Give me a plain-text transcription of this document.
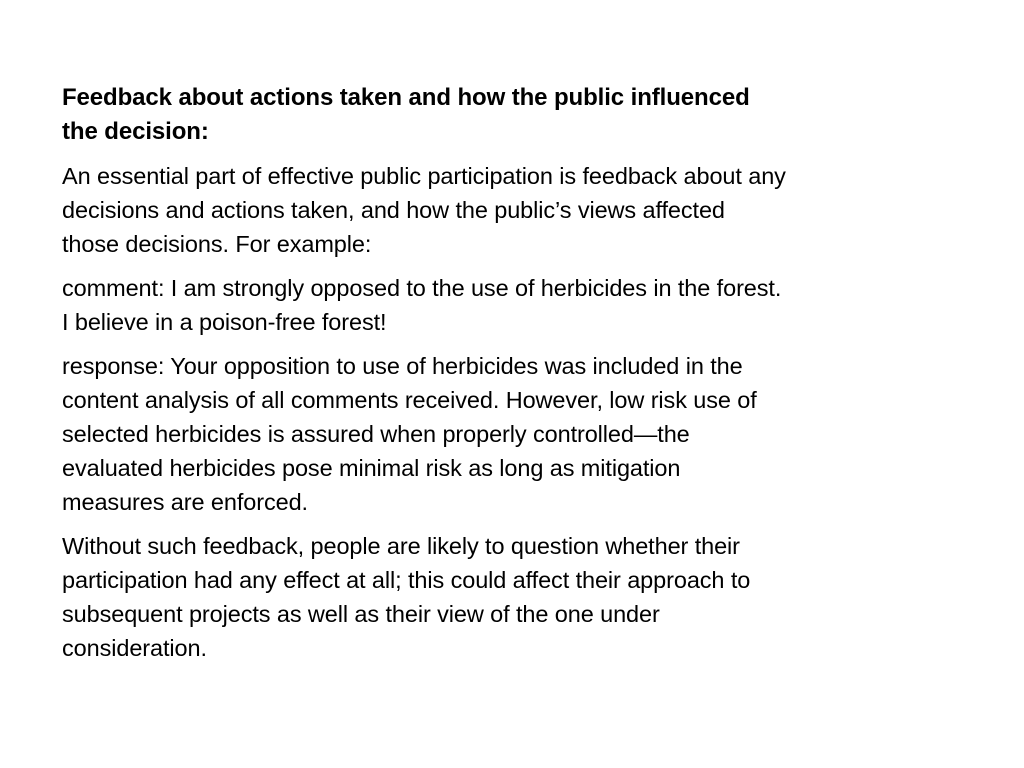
Feedback about actions taken and how the public influenced
the decision:
An essential part of effective public participation is feedback about any
decisions and actions taken, and how the public’s views affected
those decisions. For example:
comment: I am strongly opposed to the use of herbicides in the forest.
I believe in a poison-free forest!
response: Your opposition to use of herbicides was included in the
content analysis of all comments received. However, low risk use of
selected herbicides is assured when properly controlled—the
evaluated herbicides pose minimal risk as long as mitigation
measures are enforced.
Without such feedback, people are likely to question whether their
participation had any effect at all; this could affect their approach to
subsequent projects as well as their view of the one under
consideration.
